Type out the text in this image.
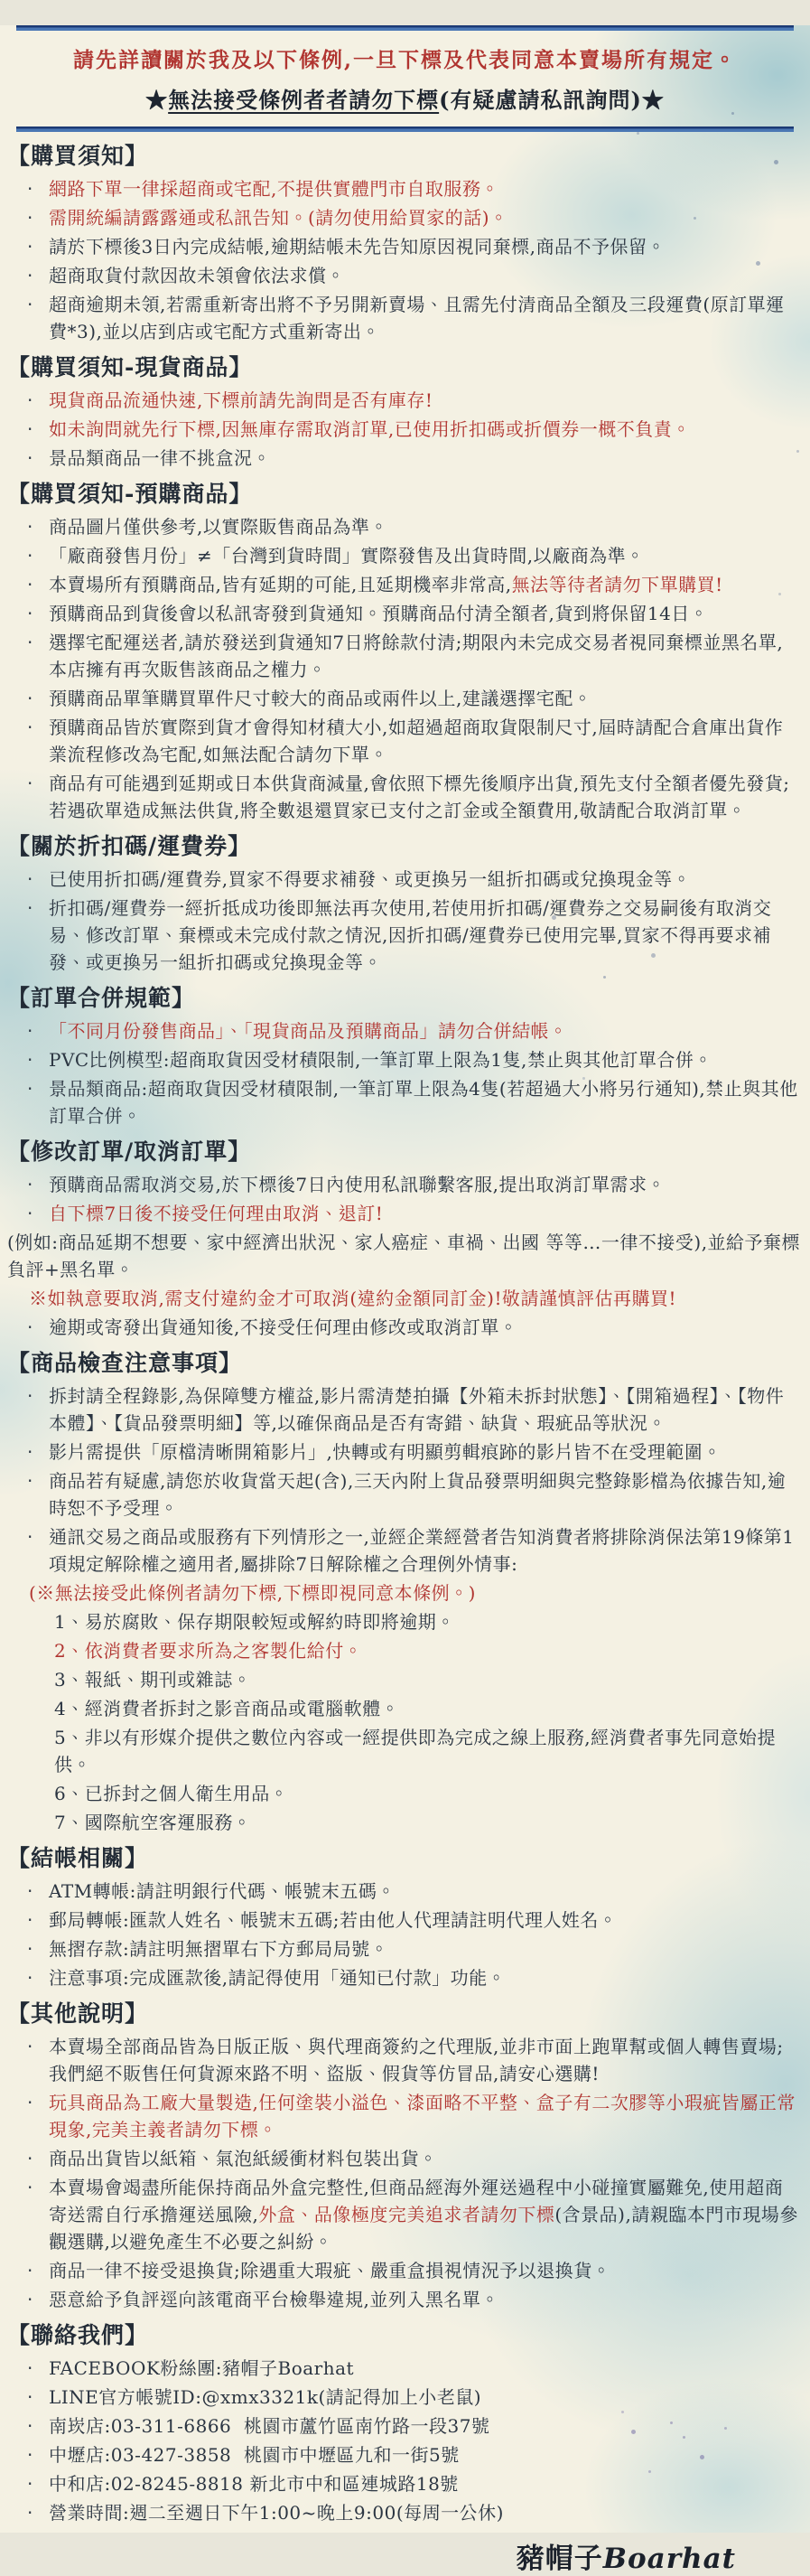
請先詳讀關於我及以下條例,一旦下標及代表同意本賣場所有規定。
★無法接受條例者者請勿下標(有疑慮請私訊詢問)★
【購買須知】

‧ 網路下單一律採超商或宅配,不提供實體門市自取服務。

‧ 需開統編請露露通或私訊告知。(請勿使用給買家的話)。

‧ 請於下標後3日內完成結帳,逾期結帳未先告知原因視同棄標,商品不予保留。

‧ 超商取貨付款因故未領會依法求償。

‧ 超商逾期未領,若需重新寄出將不予另開新賣場、且需先付清商品全額及三段運費(原訂單運費*3),並以店到店或宅配方式重新寄出。

【購買須知-現貨商品】

‧ 現貨商品流通快速,下標前請先詢問是否有庫存!

‧ 如未詢問就先行下標,因無庫存需取消訂單,已使用折扣碼或折價券一概不負責。

‧ 景品類商品一律不挑盒況。

【購買須知-預購商品】

‧ 商品圖片僅供參考,以實際販售商品為準。

‧ 「廠商發售月份」≠「台灣到貨時間」實際發售及出貨時間,以廠商為準。

‧ 本賣場所有預購商品,皆有延期的可能,且延期機率非常高,無法等待者請勿下單購買!

‧ 預購商品到貨後會以私訊寄發到貨通知。預購商品付清全額者,貨到將保留14日。

‧ 選擇宅配運送者,請於發送到貨通知7日將餘款付清;期限內未完成交易者視同棄標並黑名單,本店擁有再次販售該商品之權力。

‧ 預購商品單筆購買單件尺寸較大的商品或兩件以上,建議選擇宅配。

‧ 預購商品皆於實際到貨才會得知材積大小,如超過超商取貨限制尺寸,屆時請配合倉庫出貨作業流程修改為宅配,如無法配合請勿下單。

‧ 商品有可能遇到延期或日本供貨商減量,會依照下標先後順序出貨,預先支付全額者優先發貨;若遇砍單造成無法供貨,將全數退還買家已支付之訂金或全額費用,敬請配合取消訂單。

【關於折扣碼/運費券】

‧ 已使用折扣碼/運費券,買家不得要求補發、或更換另一組折扣碼或兌換現金等。

‧ 折扣碼/運費券一經折抵成功後即無法再次使用,若使用折扣碼/運費券之交易嗣後有取消交易、修改訂單、棄標或未完成付款之情況,因折扣碼/運費券已使用完畢,買家不得再要求補發、或更換另一組折扣碼或兌換現金等。

【訂單合併規範】

‧ 「不同月份發售商品」、「現貨商品及預購商品」請勿合併結帳。

‧ PVC比例模型:超商取貨因受材積限制,一筆訂單上限為1隻,禁止與其他訂單合併。

‧ 景品類商品:超商取貨因受材積限制,一筆訂單上限為4隻(若超過大小將另行通知),禁止與其他訂單合併。

【修改訂單/取消訂單】

‧ 預購商品需取消交易,於下標後7日內使用私訊聯繫客服,提出取消訂單需求。

‧ 自下標7日後不接受任何理由取消、退訂!

(例如:商品延期不想要、家中經濟出狀況、家人癌症、車禍、出國 等等…一律不接受),並給予棄標負評+黑名單。

※如執意要取消,需支付違約金才可取消(違約金額同訂金)!敬請謹慎評估再購買!

‧ 逾期或寄發出貨通知後,不接受任何理由修改或取消訂單。

【商品檢查注意事項】

‧ 拆封請全程錄影,為保障雙方權益,影片需清楚拍攝【外箱未拆封狀態】、【開箱過程】、【物件本體】、【貨品發票明細】等,以確保商品是否有寄錯、缺貨、瑕疵品等狀況。

‧ 影片需提供「原檔清晰開箱影片」,快轉或有明顯剪輯痕跡的影片皆不在受理範圍。

‧ 商品若有疑慮,請您於收貨當天起(含),三天內附上貨品發票明細與完整錄影檔為依據告知,逾時恕不予受理。

‧ 通訊交易之商品或服務有下列情形之一,並經企業經營者告知消費者將排除消保法第19條第1項規定解除權之適用者,屬排除7日解除權之合理例外情事:

(※無法接受此條例者請勿下標,下標即視同意本條例。)

1、易於腐敗、保存期限較短或解約時即將逾期。

2、依消費者要求所為之客製化給付。

3、報紙、期刊或雜誌。

4、經消費者拆封之影音商品或電腦軟體。

5、非以有形媒介提供之數位內容或一經提供即為完成之線上服務,經消費者事先同意始提供。

6、已拆封之個人衛生用品。

7、國際航空客運服務。

【結帳相關】

‧ ATM轉帳:請註明銀行代碼、帳號末五碼。

‧ 郵局轉帳:匯款人姓名、帳號末五碼;若由他人代理請註明代理人姓名。

‧ 無摺存款:請註明無摺單右下方郵局局號。

‧ 注意事項:完成匯款後,請記得使用「通知已付款」功能。

【其他說明】

‧ 本賣場全部商品皆為日版正版、與代理商簽約之代理版,並非市面上跑單幫或個人轉售賣場;我們絕不販售任何貨源來路不明、盜版、假貨等仿冒品,請安心選購!

‧ 玩具商品為工廠大量製造,任何塗裝小溢色、漆面略不平整、盒子有二次膠等小瑕疵皆屬正常現象,完美主義者請勿下標。

‧ 商品出貨皆以紙箱、氣泡紙緩衝材料包裝出貨。

‧ 本賣場會竭盡所能保持商品外盒完整性,但商品經海外運送過程中小碰撞實屬難免,使用超商寄送需自行承擔運送風險,外盒、品像極度完美追求者請勿下標(含景品),請親臨本門市現場參觀選購,以避免產生不必要之糾紛。

‧ 商品一律不接受退換貨;除遇重大瑕疵、嚴重盒損視情況予以退換貨。

‧ 惡意給予負評逕向該電商平台檢舉違規,並列入黑名單。

【聯絡我們】

‧ FACEBOOK粉絲團:豬帽子Boarhat

‧ LINE官方帳號ID:@xmx3321k(請記得加上小老鼠)

‧ 南崁店:03-311-6866  桃園市蘆竹區南竹路一段37號

‧ 中壢店:03-427-3858  桃園市中壢區九和一街5號

‧ 中和店:02-8245-8818 新北市中和區連城路18號

‧ 營業時間:週二至週日下午1:00~晚上9:00(每周一公休)

豬帽子Boarhat
